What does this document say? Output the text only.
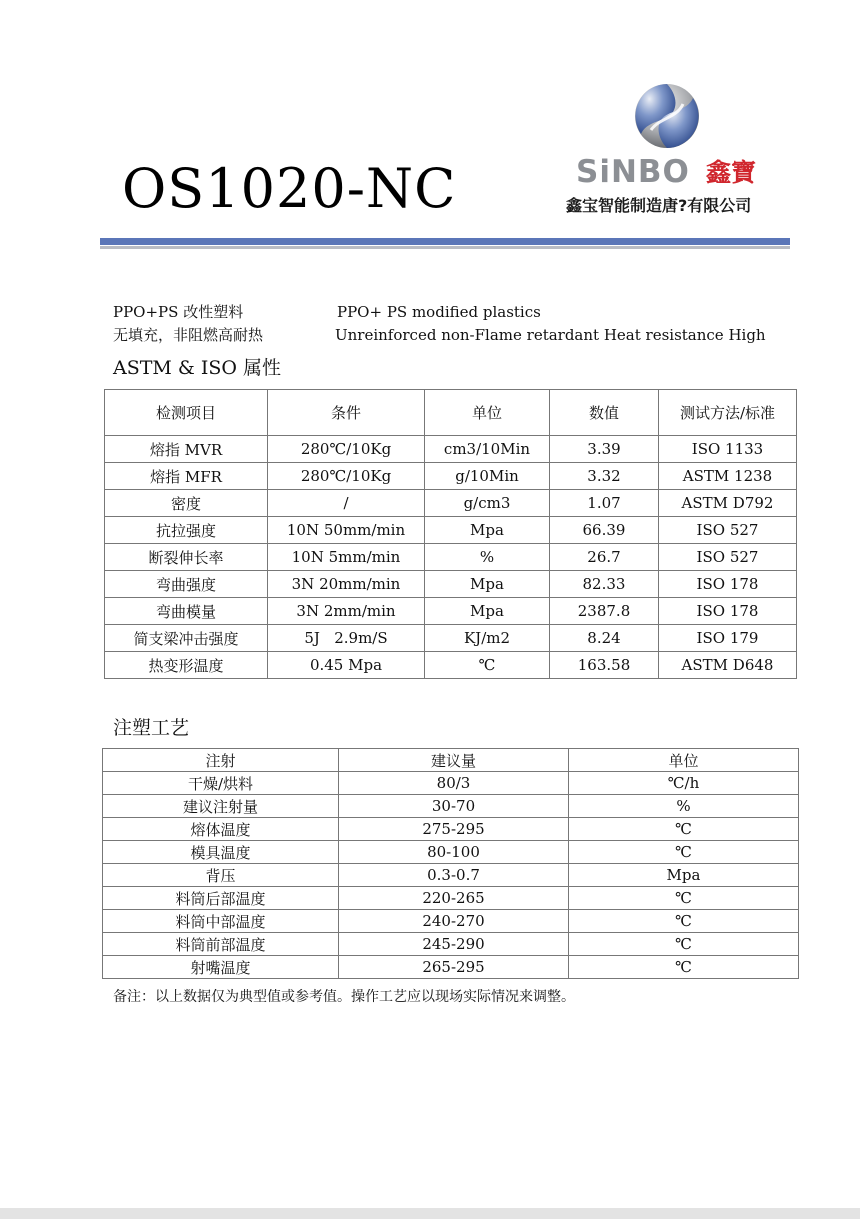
OS1020-NC	SiNBO 鑫寶
鑫宝智能制造唐?有限公司
PPO+PS 改性塑料	PPO+ PS modified plastics
无填充，非阻燃高耐热	Unreinforced non-Flame retardant Heat resistance High
ASTM & ISO 属性
检测项目	条件	单位	数值	测试方法/标准
熔指 MVR	280℃/10Kg	cm3/10Min	3.39	ISO 1133
熔指 MFR	280℃/10Kg	g/10Min	3.32	ASTM 1238
密度	/	g/cm3	1.07	ASTM D792
抗拉强度	10N 50mm/min	Mpa	66.39	ISO 527
断裂伸长率	10N 5mm/min	%	26.7	ISO 527
弯曲强度	3N 20mm/min	Mpa	82.33	ISO 178
弯曲模量	3N 2mm/min	Mpa	2387.8	ISO 178
简支梁冲击强度	5J   2.9m/S	KJ/m2	8.24	ISO 179
热变形温度	0.45 Mpa	℃	163.58	ASTM D648
注塑工艺
注射	建议量	单位
干燥/烘料	80/3	℃/h
建议注射量	30-70	%
熔体温度	275-295	℃
模具温度	80-100	℃
背压	0.3-0.7	Mpa
料筒后部温度	220-265	℃
料筒中部温度	240-270	℃
料筒前部温度	245-290	℃
射嘴温度	265-295	℃
备注：以上数据仅为典型值或参考值。操作工艺应以现场实际情况来调整。
